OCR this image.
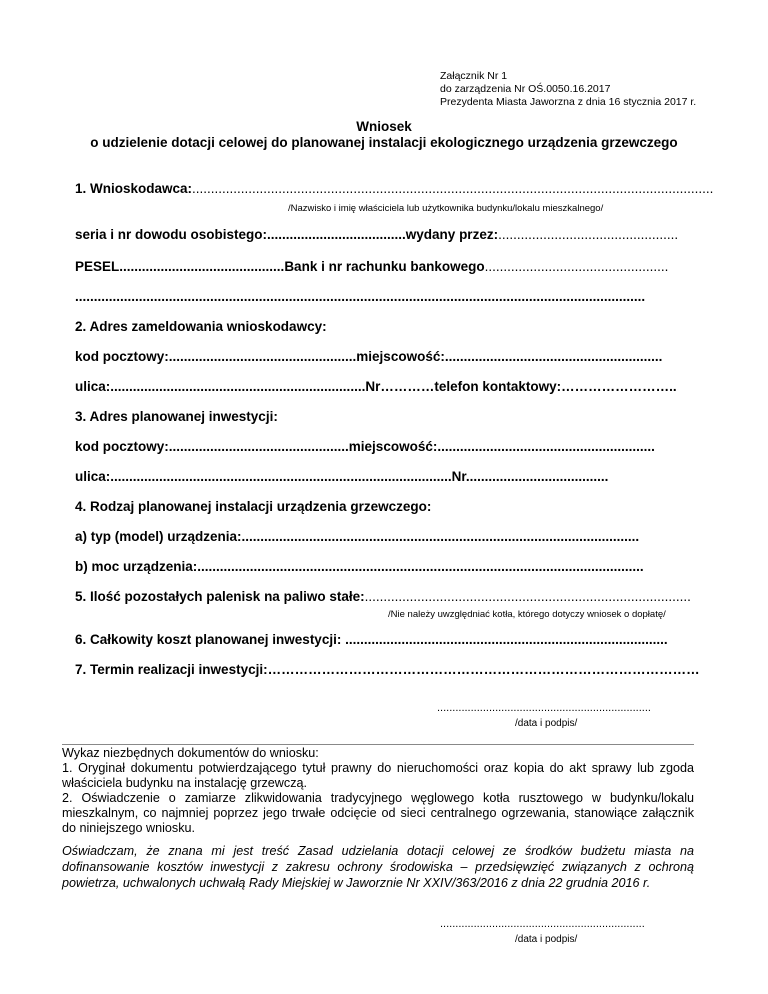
Załącznik Nr 1
do zarządzenia Nr OŚ.0050.16.2017
Prezydenta Miasta Jaworzna z dnia 16 stycznia 2017 r.
Wniosek
o udzielenie dotacji celowej do planowanej instalacji ekologicznego urządzenia grzewczego
1. Wnioskodawca:...........................................................................................................................................
/Nazwisko i imię właściciela lub użytkownika budynku/lokalu mieszkalnego/
seria i nr dowodu osobistego:.....................................wydany przez:................................................
PESEL............................................Bank i nr rachunku bankowego.................................................
........................................................................................................................................................
2. Adres zameldowania wnioskodawcy:
kod pocztowy:..................................................miejscowość:..........................................................
ulica:....................................................................Nr…………telefon kontaktowy:……………………..
3. Adres planowanej inwestycji:
kod pocztowy:................................................miejscowość:..........................................................
ulica:...........................................................................................Nr......................................
4. Rodzaj planowanej instalacji urządzenia grzewczego:
a) typ (model) urządzenia:..........................................................................................................
b) moc urządzenia:.......................................................................................................................
5. Ilość pozostałych palenisk na paliwo stałe:.......................................................................................
/Nie należy uwzględniać kotła, którego dotyczy wniosek o dopłatę/
6. Całkowity koszt planowanej inwestycji: ......................................................................................
7. Termin realizacji inwestycji:……………………………………………………………………………………
......................................................................
/data i podpis/
Wykaz niezbędnych dokumentów do wniosku:
1. Oryginał dokumentu potwierdzającego tytuł prawny do nieruchomości oraz kopia do akt sprawy lub zgoda właściciela budynku na instalację grzewczą.
2. Oświadczenie o zamiarze zlikwidowania tradycyjnego węglowego kotła rusztowego w budynku/lokalu mieszkalnym, co najmniej poprzez jego trwałe odcięcie od sieci centralnego ogrzewania, stanowiące załącznik do niniejszego wniosku.
Oświadczam, że znana mi jest treść Zasad udzielania dotacji celowej ze środków budżetu miasta na dofinansowanie kosztów inwestycji z zakresu ochrony środowiska – przedsięwzięć związanych z ochroną powietrza, uchwalonych uchwałą Rady Miejskiej w Jaworznie Nr XXIV/363/2016 z dnia 22 grudnia 2016 r.
...................................................................
/data i podpis/
